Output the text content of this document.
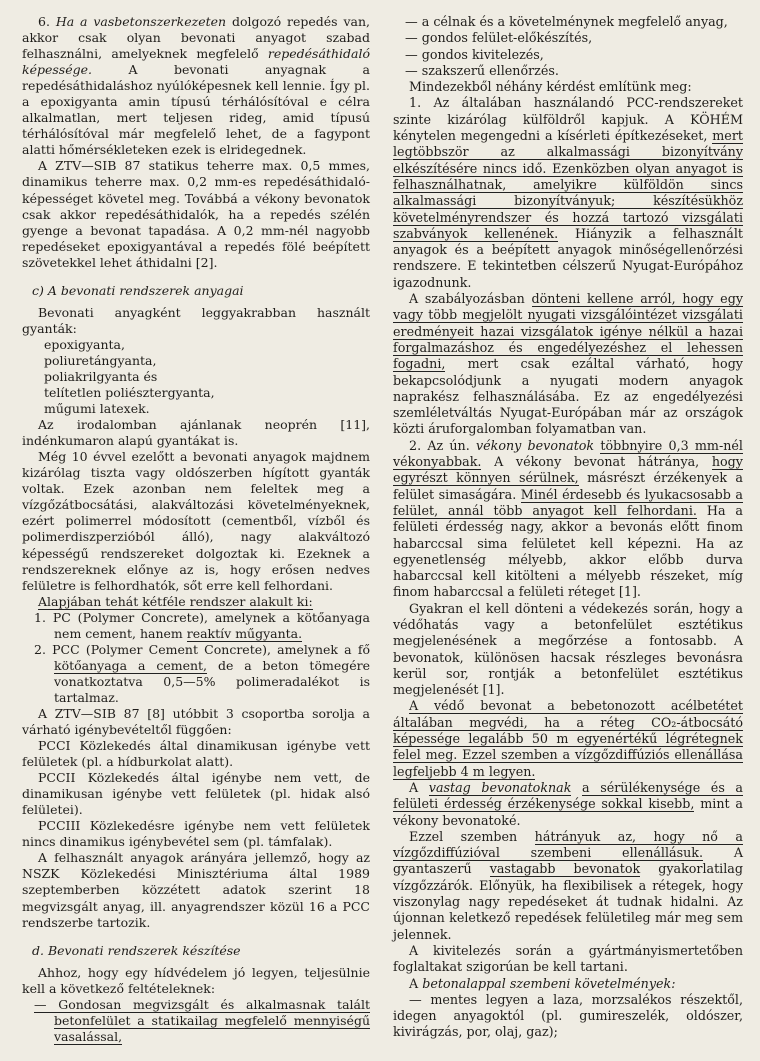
6. Ha a vasbetonszerkezeten dolgozó repedés van, akkor csak olyan bevonati anyagot szabad felhasználni, amelyeknek megfelelő repedésáthidaló képessége.	A bevonati anyagnak a repedésáthidaláshoz nyúlóképesnek kell lennie. Így pl. a epoxigyanta amin típusú térhálósítóval e célra alkalmatlan, mert teljesen rideg, amid típusú térhálósítóval már megfelelő lehet, de a fagypont alatti hőmérsékleteken ezek is elridegednek.

A ZTV—SIB 87 statikus teherre max. 0,5 mmes, dinamikus teherre max. 0,2 mm-es repedésáthidaló-képességet követel meg. Továbbá a vékony bevonatok csak akkor repedésáthidalók, ha a repedés szélén gyenge a bevonat tapadása. A 0,2 mm-nél nagyobb repedéseket epoxigyantával a repedés fölé beépített szövetekkel lehet áthidalni [2].

c) A bevonati rendszerek anyagai

Bevonati anyagként leggyakrabban használt gyanták:

epoxigyanta,

poliuretángyanta,

poliakrilgyanta és

telítetlen poliésztergyanta,

műgumi latexek.

Az irodalomban ajánlanak neoprén [11], indénkumaron alapú gyantákat is.

Még 10 évvel ezelőtt a bevonati anyagok majdnem kizárólag tiszta vagy oldószerben hígított gyanták voltak. Ezek azonban nem feleltek meg a vízgőzátbocsátási, alakváltozási követelményeknek, ezért polimerrel módosított (cementből, vízből és polimerdiszperzióból álló), nagy alakváltozó képességű rendszereket dolgoztak ki. Ezeknek a rendszereknek előnye az is, hogy erősen nedves felületre is felhordhatók, sőt erre kell felhordani.

Alapjában tehát kétféle rendszer alakult ki:

1. PC (Polymer Concrete), amelynek a kötőanyaga nem cement, hanem reaktív műgyanta.

2. PCC (Polymer Cement Concrete), amelynek a fő kötőanyaga a cement, de a beton tömegére vonatkoztatva 0,5—5% polimeradalékot is tartalmaz.

A ZTV—SIB 87 [8] utóbbit 3 csoportba sorolja a várható igénybevételtől függően:

PCCI Közlekedés által dinamikusan igénybe vett felületek (pl. a hídburkolat alatt).

PCCII Közlekedés által igénybe nem vett, de dinamikusan igénybe vett felületek (pl. hidak alsó felületei).

PCCIII Közlekedésre igénybe nem vett felületek nincs dinamikus igénybevétel sem (pl. támfalak).

A felhasznált anyagok arányára jellemző, hogy az NSZK Közlekedési Minisztériuma által 1989 szeptemberben közzétett adatok szerint 18 megvizsgált anyag, ill. anyagrendszer közül 16 a PCC rendszerbe tartozik.

d. Bevonati rendszerek készítése

Ahhoz, hogy egy hídvédelem jó legyen, teljesülnie kell a következő feltételeknek:

— Gondosan megvizsgált és alkalmasnak talált betonfelület a statikailag megfelelő mennyiségű vasalással,

— a célnak és a követelménynek megfelelő anyag,

— gondos felület-előkészítés,

— gondos kivitelezés,

— szakszerű ellenőrzés.

Mindezekből néhány kérdést említünk meg:

1. Az általában használandó PCC-rendszereket szinte kizárólag külföldről kapjuk. A KÖHÉM kénytelen megengedni a kísérleti építkezéseket, mert legtöbbször az alkalmassági bizonyítvány elkészítésére nincs idő. Ezenközben olyan anyagot is felhasználhatnak, amelyikre külföldön sincs alkalmassági bizonyítványuk; készítésükhöz követelményrendszer és hozzá tartozó vizsgálati szabványok kellenének. Hiányzik a felhasznált anyagok és a beépített anyagok minőségellenőrzési rendszere. E tekintetben célszerű Nyugat-Európához igazodnunk.

A szabályozásban dönteni kellene arról, hogy egy vagy több megjelölt nyugati vizsgálóintézet vizsgálati eredményeit hazai vizsgálatok igénye nélkül a hazai forgalmazáshoz és engedélyezéshez el lehessen fogadni, mert csak ezáltal várható, hogy bekapcsolódjunk a nyugati modern anyagok naprakész felhasználásába. Ez az engedélyezési szemléletváltás Nyugat-Európában már az országok közti áruforgalomban folyamatban van.

2. Az ún. vékony bevonatok többnyire 0,3 mm-nél vékonyabbak. A vékony bevonat hátránya, hogy egyrészt könnyen sérülnek, másrészt érzékenyek a felület simaságára. Minél érdesebb és lyukacsosabb a felület, annál több anyagot kell felhordani. Ha a felületi érdesség nagy, akkor a bevonás előtt finom habarccsal sima felületet kell képezni. Ha az egyenetlenség mélyebb, akkor előbb durva habarccsal kell kitölteni a mélyebb részeket, míg finom habarccsal a felületi réteget [1].

Gyakran el kell dönteni a védekezés során, hogy a védőhatás vagy a betonfelület esztétikus megjelenésének a megőrzése a fontosabb. A bevonatok, különösen hacsak részleges bevonásra kerül sor, rontják a betonfelület esztétikus megjelenését [1].

A védő bevonat a bebetonozott acélbetétet általában megvédi, ha a réteg CO₂-átbocsátó képessége legalább 50 m egyenértékű légrétegnek felel meg. Ezzel szemben a vízgőzdiffúziós ellenállása legfeljebb 4 m legyen.

A vastag bevonatoknak a sérülékenysége és a felületi érdesség érzékenysége sokkal kisebb, mint a vékony bevonatoké.

Ezzel szemben hátrányuk az, hogy nő a vízgőzdiffúzióval szembeni ellenállásuk. A gyantaszerű vastagabb bevonatok gyakorlatilag vízgőzzárók. Előnyük, ha flexibilisek a rétegek, hogy viszonylag nagy repedéseket át tudnak hidalni. Az újonnan keletkező repedések felületileg már meg sem jelennek.

A kivitelezés során a gyártmányismertetőben foglaltakat szigorúan be kell tartani.

A betonalappal szembeni követelmények:

— mentes legyen a laza, morzsalékos részektől, idegen anyagoktól (pl. gumireszelék, oldószer, kivirágzás, por, olaj, gaz);
